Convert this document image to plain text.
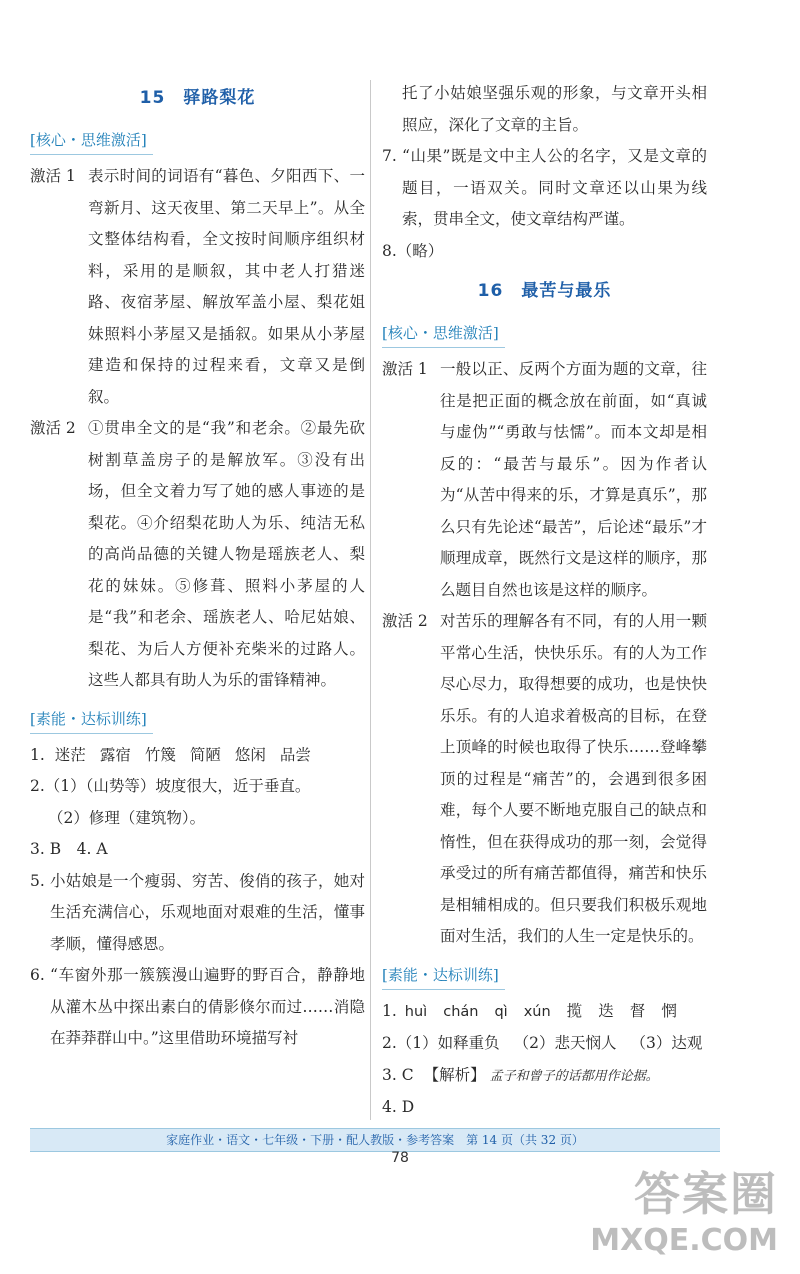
15　驿路梨花
[核心・思维激活]
激活 1 表示时间的词语有“暮色、夕阳西下、一弯新月、这天夜里、第二天早上”。从全文整体结构看，全文按时间顺序组织材料，采用的是顺叙，其中老人打猎迷路、夜宿茅屋、解放军盖小屋、梨花姐妹照料小茅屋又是插叙。如果从小茅屋建造和保持的过程来看，文章又是倒叙。
激活 2 ①贯串全文的是“我”和老余。②最先砍树割草盖房子的是解放军。③没有出场，但全文着力写了她的感人事迹的是梨花。④介绍梨花助人为乐、纯洁无私的高尚品德的关键人物是瑶族老人、梨花的妹妹。⑤修葺、照料小茅屋的人是“我”和老余、瑶族老人、哈尼姑娘、梨花、为后人方便补充柴米的过路人。这些人都具有助人为乐的雷锋精神。
[素能・达标训练]
1. 迷茫 露宿 竹篾 简陋 悠闲 品尝
2.（1）（山势等）坡度很大，近于垂直。
（2）修理（建筑物）。
3. B　4. A
5. 小姑娘是一个瘦弱、穷苦、俊俏的孩子，她对生活充满信心，乐观地面对艰难的生活，懂事孝顺，懂得感恩。
6. “车窗外那一簇簇漫山遍野的野百合，静静地从灌木丛中探出素白的倩影倏尔而过……消隐在莽莽群山中。”这里借助环境描写衬
托了小姑娘坚强乐观的形象，与文章开头相照应，深化了文章的主旨。
7. “山果”既是文中主人公的名字，又是文章的题目，一语双关。同时文章还以山果为线索，贯串全文，使文章结构严谨。
8.（略）
16　最苦与最乐
[核心・思维激活]
激活 1 一般以正、反两个方面为题的文章，往往是把正面的概念放在前面，如“真诚与虚伪”“勇敢与怯懦”。而本文却是相反的：“最苦与最乐”。因为作者认为“从苦中得来的乐，才算是真乐”，那么只有先论述“最苦”，后论述“最乐”才顺理成章，既然行文是这样的顺序，那么题目自然也该是这样的顺序。
激活 2 对苦乐的理解各有不同，有的人用一颗平常心生活，快快乐乐。有的人为工作尽心尽力，取得想要的成功，也是快快乐乐。有的人追求着极高的目标，在登上顶峰的时候也取得了快乐……登峰攀顶的过程是“痛苦”的，会遇到很多困难，每个人要不断地克服自己的缺点和惰性，但在获得成功的那一刻，会觉得承受过的所有痛苦都值得，痛苦和快乐是相辅相成的。但只要我们积极乐观地面对生活，我们的人生一定是快乐的。
[素能・达标训练]
1. huì chán qì xún 揽 迭 督 惘
2.（1）如释重负 （2）悲天悯人 （3）达观
3. C 【解析】 孟子和曾子的话都用作论据。
4. D
家庭作业・语文・七年级・下册・配人教版・参考答案　第 14 页（共 32 页）
78
答案圈
MXQE.COM
